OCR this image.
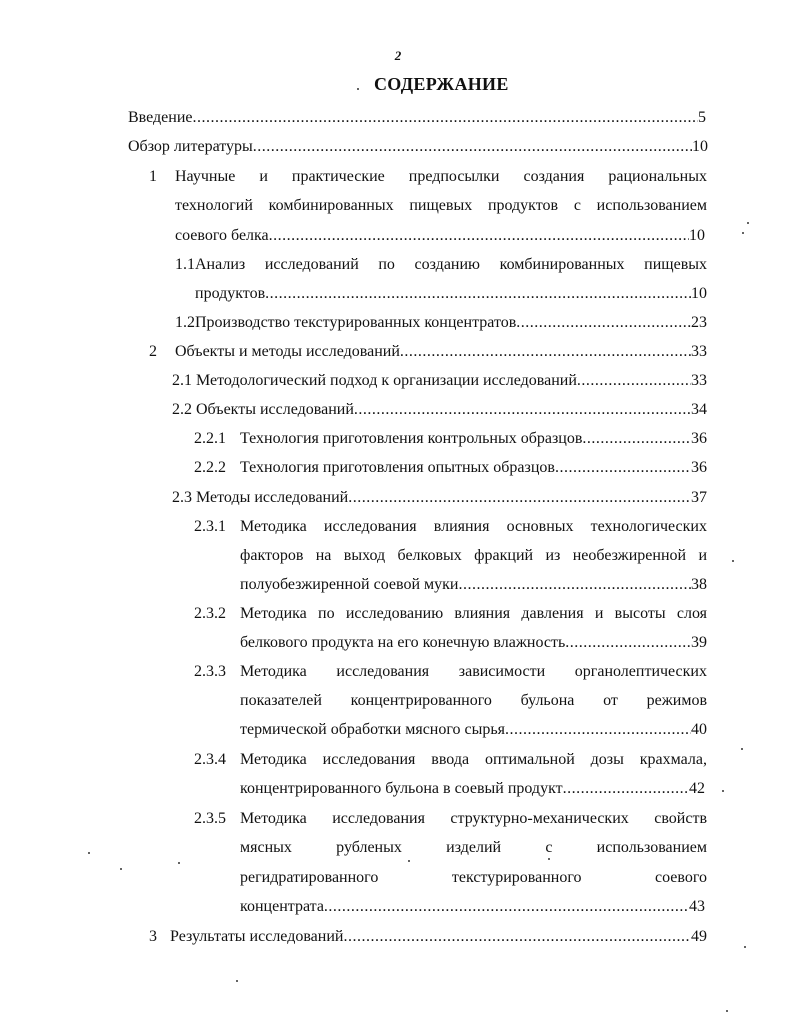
2
СОДЕРЖАНИЕ
Введение .....	5
Обзор литературы .....	10
1 Научные и практические предпосылки создания рациональных
технологий комбинированных пищевых продуктов с использованием
соевого белка .....	10
1.1Анализ исследований по созданию комбинированных пищевых
продуктов .....	10
1.2Производство текстурированных концентратов .....	23
2 Объекты и методы исследований .....	33
2.1 Методологический подход к организации исследований .....	33
2.2 Объекты исследований .....	34
2.2.1 Технология приготовления контрольных образцов .....	36
2.2.2 Технология приготовления опытных образцов .....	36
2.3 Методы исследований .....	37
2.3.1 Методика исследования влияния основных технологических
факторов на выход белковых фракций из необезжиренной и
полуобезжиренной соевой муки .....	38
2.3.2 Методика по исследованию влияния давления и высоты слоя
белкового продукта на его конечную влажность .....	39
2.3.3 Методика исследования зависимости органолептических
показателей концентрированного бульона от режимов
термической обработки мясного сырья .....	40
2.3.4 Методика исследования ввода оптимальной дозы крахмала,
концентрированного бульона в соевый продукт .....	42
2.3.5 Методика исследования структурно-механических свойств
мясных рубленых изделий с использованием
регидратированного текстурированного соевого
концентрата .....	43
3 Результаты исследований .....	49
